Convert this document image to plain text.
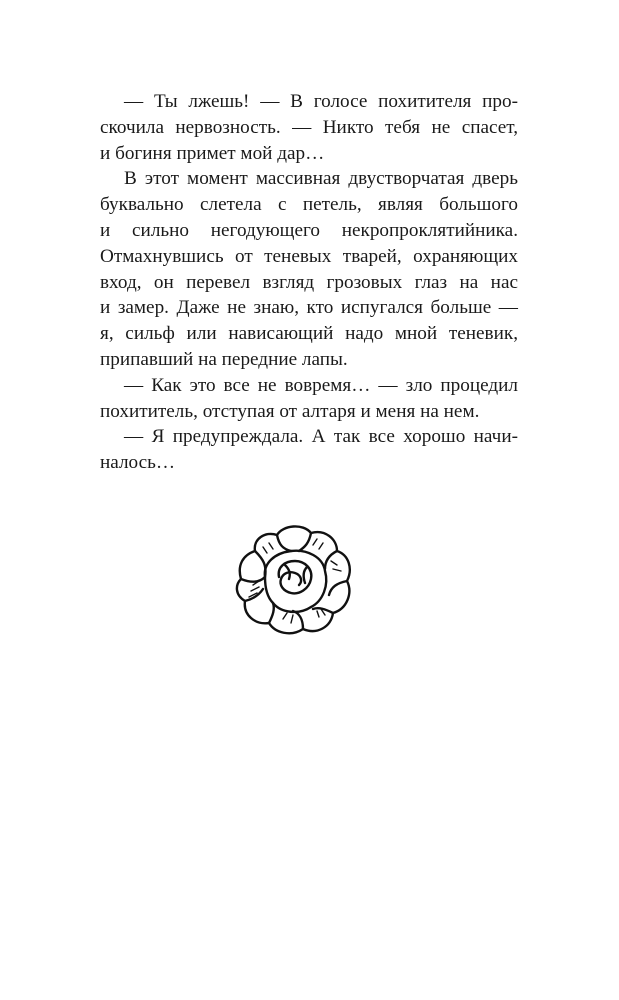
— Ты лжешь! — В голосе похитителя про-
скочила нервозность. — Никто тебя не спасет,
и богиня примет мой дар…
В этот момент массивная двустворчатая дверь
буквально слетела с петель, являя большого
и сильно негодующего некропроклятийника.
Отмахнувшись от теневых тварей, охраняющих
вход, он перевел взгляд грозовых глаз на нас
и замер. Даже не знаю, кто испугался больше —
я, сильф или нависающий надо мной теневик,
припавший на передние лапы.
— Как это все не вовремя… — зло процедил
похититель, отступая от алтаря и меня на нем.
— Я предупреждала. А так все хорошо начи-
налось…
